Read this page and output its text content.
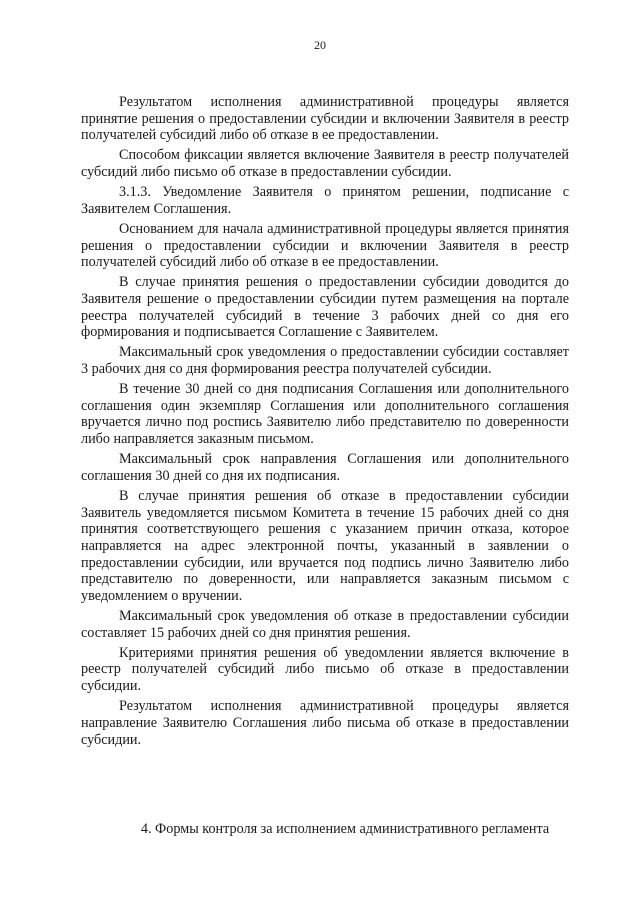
20

Результатом исполнения административной процедуры является принятие решения о предоставлении субсидии и включении Заявителя в реестр получателей субсидий либо об отказе в ее предоставлении.

Способом фиксации является включение Заявителя в реестр получателей субсидий либо письмо об отказе в предоставлении субсидии.

3.1.3. Уведомление Заявителя о принятом решении, подписание с Заявителем Соглашения.

Основанием для начала административной процедуры является принятия решения о предоставлении субсидии и включении Заявителя в реестр получателей субсидий либо об отказе в ее предоставлении.

В случае принятия решения о предоставлении субсидии доводится до Заявителя решение о предоставлении субсидии путем размещения на портале реестра получателей субсидий в течение 3 рабочих дней со дня его формирования и подписывается Соглашение с Заявителем.

Максимальный срок уведомления о предоставлении субсидии составляет 3 рабочих дня со дня формирования реестра получателей субсидии.

В течение 30 дней со дня подписания Соглашения или дополнительного соглашения один экземпляр Соглашения или дополнительного соглашения вручается лично под роспись Заявителю либо представителю по доверенности либо направляется заказным письмом.

Максимальный срок направления Соглашения или дополнительного соглашения 30 дней со дня их подписания.

В случае принятия решения об отказе в предоставлении субсидии Заявитель уведомляется письмом Комитета в течение 15 рабочих дней со дня принятия соответствующего решения с указанием причин отказа, которое направляется на адрес электронной почты, указанный в заявлении о предоставлении субсидии, или вручается под подпись лично Заявителю либо представителю по доверенности, или направляется заказным письмом с уведомлением о вручении.

Максимальный срок уведомления об отказе в предоставлении субсидии составляет 15 рабочих дней со дня принятия решения.

Критериями принятия решения об уведомлении является включение в реестр получателей субсидий либо письмо об отказе в предоставлении субсидии.

Результатом исполнения административной процедуры является направление Заявителю Соглашения либо письма об отказе в предоставлении субсидии.

4. Формы контроля за исполнением административного регламента
